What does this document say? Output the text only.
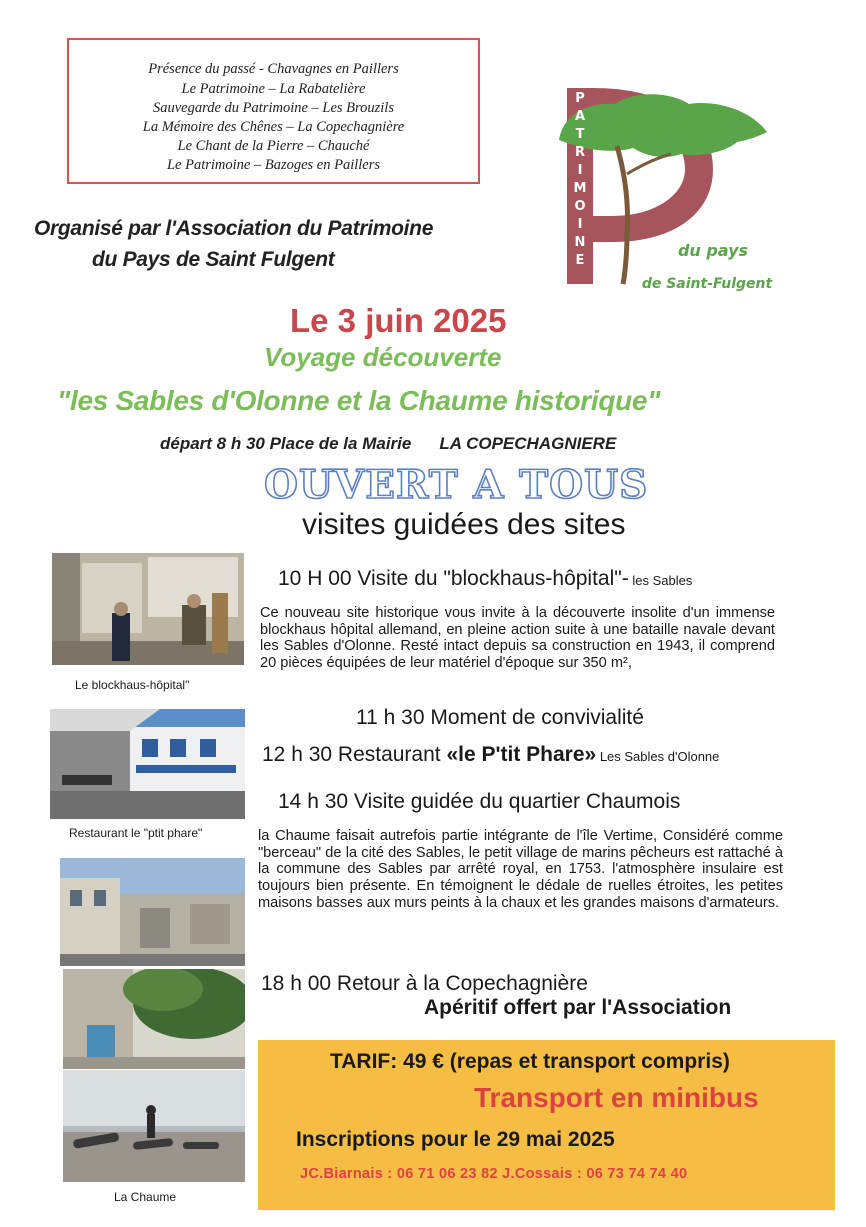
Présence du passé - Chavagnes en Paillers
Le Patrimoine – La Rabatelière
Sauvegarde du Patrimoine – Les Brouzils
La Mémoire des Chênes – La Copechagnière
Le Chant de la Pierre – Chauché
Le Patrimoine – Bazoges en Paillers
P
A
T
R
I
M
O
I
N
E
du pays
de Saint-Fulgent
Organisé par l'Association du Patrimoine
du Pays de Saint Fulgent
Le 3 juin 2025
Voyage découverte
"les Sables d'Olonne et la Chaume historique"
départ 8 h 30 Place de la Mairie LA COPECHAGNIERE
OUVERT A TOUS
visites guidées des sites
Le blockhaus-hôpital"
Restaurant le "ptit phare"
La Chaume
10 H 00 Visite du "blockhaus-hôpital"- les Sables
Ce nouveau site historique vous invite à la découverte insolite d'un immense blockhaus hôpital allemand, en pleine action suite à une bataille navale devant les Sables d'Olonne. Resté intact depuis sa construction en 1943, il comprend 20 pièces équipées de leur matériel d'époque sur 350 m²,
11 h 30 Moment de convivialité
12 h 30 Restaurant «le P'tit Phare» Les Sables d'Olonne
14 h 30 Visite guidée du quartier Chaumois
la Chaume faisait autrefois partie intégrante de l'île Vertime, Considéré comme "berceau" de la cité des Sables, le petit village de marins pêcheurs est rattaché à la commune des Sables par arrêté royal, en 1753. l'atmosphère insulaire est toujours bien présente. En témoignent le dédale de ruelles étroites, les petites maisons basses aux murs peints à la chaux et les grandes maisons d'armateurs.
18 h 00 Retour à la Copechagnière
Apéritif offert par l'Association
TARIF: 49 € (repas et transport compris)
Transport en minibus
Inscriptions pour le 29 mai 2025
JC.Biarnais : 06 71 06 23 82 J.Cossais : 06 73 74 74 40
